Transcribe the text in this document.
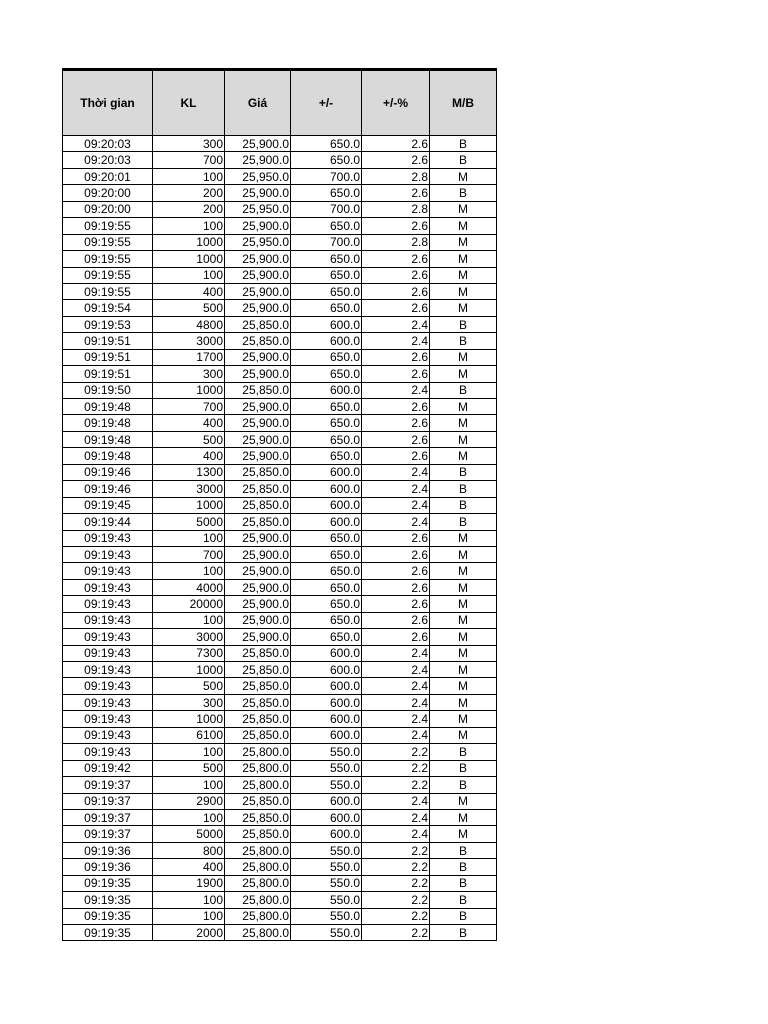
Thời gian	KL	Giá	+/-	+/-%	M/B
09:20:03	300	25,900.0	650.0	2.6	B
09:20:03	700	25,900.0	650.0	2.6	B
09:20:01	100	25,950.0	700.0	2.8	M
09:20:00	200	25,900.0	650.0	2.6	B
09:20:00	200	25,950.0	700.0	2.8	M
09:19:55	100	25,900.0	650.0	2.6	M
09:19:55	1000	25,950.0	700.0	2.8	M
09:19:55	1000	25,900.0	650.0	2.6	M
09:19:55	100	25,900.0	650.0	2.6	M
09:19:55	400	25,900.0	650.0	2.6	M
09:19:54	500	25,900.0	650.0	2.6	M
09:19:53	4800	25,850.0	600.0	2.4	B
09:19:51	3000	25,850.0	600.0	2.4	B
09:19:51	1700	25,900.0	650.0	2.6	M
09:19:51	300	25,900.0	650.0	2.6	M
09:19:50	1000	25,850.0	600.0	2.4	B
09:19:48	700	25,900.0	650.0	2.6	M
09:19:48	400	25,900.0	650.0	2.6	M
09:19:48	500	25,900.0	650.0	2.6	M
09:19:48	400	25,900.0	650.0	2.6	M
09:19:46	1300	25,850.0	600.0	2.4	B
09:19:46	3000	25,850.0	600.0	2.4	B
09:19:45	1000	25,850.0	600.0	2.4	B
09:19:44	5000	25,850.0	600.0	2.4	B
09:19:43	100	25,900.0	650.0	2.6	M
09:19:43	700	25,900.0	650.0	2.6	M
09:19:43	100	25,900.0	650.0	2.6	M
09:19:43	4000	25,900.0	650.0	2.6	M
09:19:43	20000	25,900.0	650.0	2.6	M
09:19:43	100	25,900.0	650.0	2.6	M
09:19:43	3000	25,900.0	650.0	2.6	M
09:19:43	7300	25,850.0	600.0	2.4	M
09:19:43	1000	25,850.0	600.0	2.4	M
09:19:43	500	25,850.0	600.0	2.4	M
09:19:43	300	25,850.0	600.0	2.4	M
09:19:43	1000	25,850.0	600.0	2.4	M
09:19:43	6100	25,850.0	600.0	2.4	M
09:19:43	100	25,800.0	550.0	2.2	B
09:19:42	500	25,800.0	550.0	2.2	B
09:19:37	100	25,800.0	550.0	2.2	B
09:19:37	2900	25,850.0	600.0	2.4	M
09:19:37	100	25,850.0	600.0	2.4	M
09:19:37	5000	25,850.0	600.0	2.4	M
09:19:36	800	25,800.0	550.0	2.2	B
09:19:36	400	25,800.0	550.0	2.2	B
09:19:35	1900	25,800.0	550.0	2.2	B
09:19:35	100	25,800.0	550.0	2.2	B
09:19:35	100	25,800.0	550.0	2.2	B
09:19:35	2000	25,800.0	550.0	2.2	B
